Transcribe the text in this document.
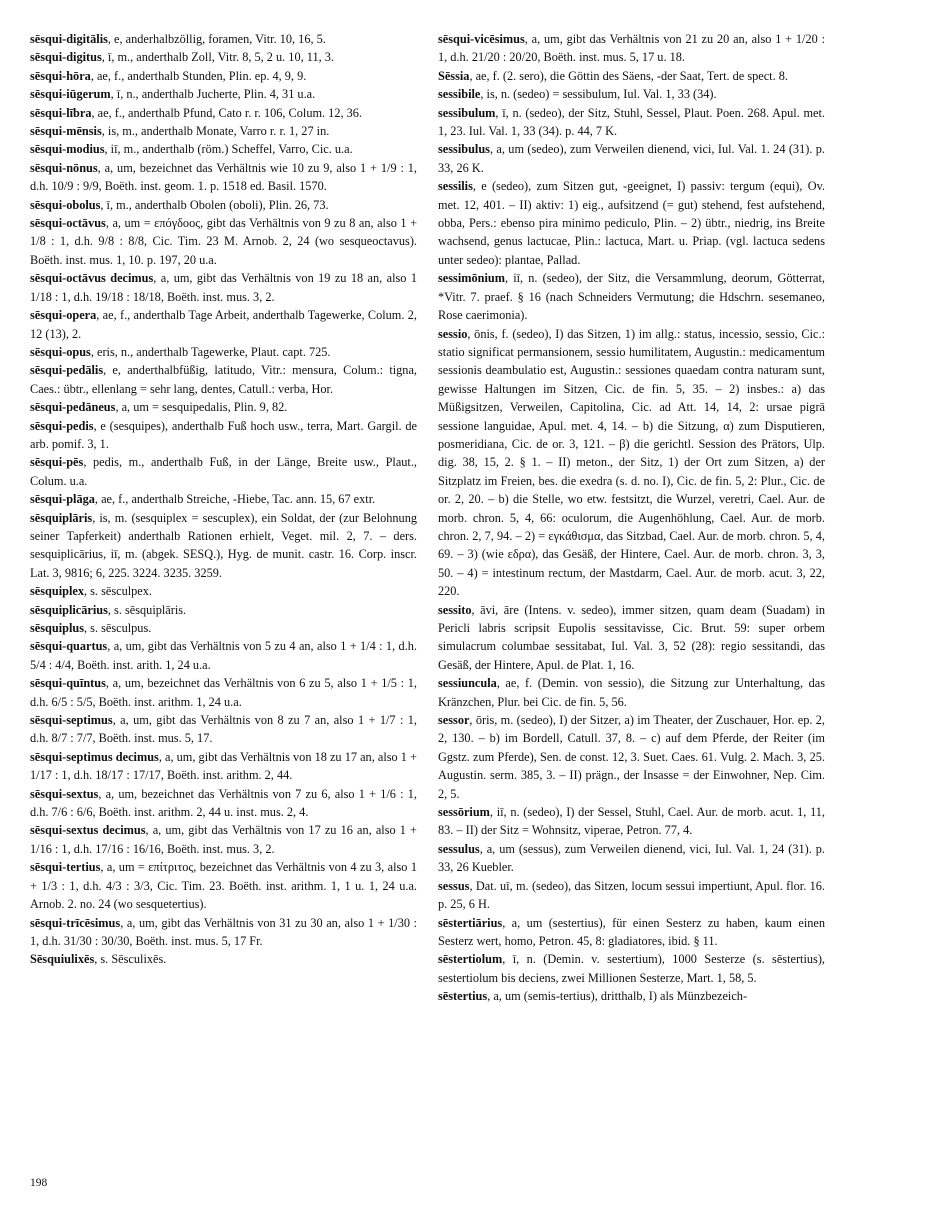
sēsqui-digitālis, e, anderhalbzöllig, foramen, Vitr. 10, 16, 5.

sēsqui-digitus, ī, m., anderthalb Zoll, Vitr. 8, 5, 2 u. 10, 11, 3.

sēsqui-hōra, ae, f., anderthalb Stunden, Plin. ep. 4, 9, 9.

sēsqui-iūgerum, ī, n., anderthalb Jucherte, Plin. 4, 31 u.a.

sēsqui-lībra, ae, f., anderthalb Pfund, Cato r. r. 106, Colum. 12, 36.

sēsqui-mēnsis, is, m., anderthalb Monate, Varro r. r. 1, 27 in.

sēsqui-modius, iī, m., anderthalb (röm.) Scheffel, Varro, Cic. u.a.

sēsqui-nōnus, a, um, bezeichnet das Verhältnis wie 10 zu 9, also 1 + 1/9 : 1, d.h. 10/9 : 9/9, Boëth. inst. geom. 1. p. 1518 ed. Basil. 1570.

sēsqui-obolus, ī, m., anderthalb Obolen (oboli), Plin. 26, 73.

sēsqui-octāvus, a, um = επόγδοος, gibt das Verhältnis von 9 zu 8 an, also 1 + 1/8 : 1, d.h. 9/8 : 8/8, Cic. Tim. 23 M. Arnob. 2, 24 (wo sesqueoctavus). Boëth. inst. mus. 1, 10. p. 197, 20 u.a.

sēsqui-octāvus decimus, a, um, gibt das Verhältnis von 19 zu 18 an, also 1 1/18 : 1, d.h. 19/18 : 18/18, Boëth. inst. mus. 3, 2.

sēsqui-opera, ae, f., anderthalb Tage Arbeit, anderthalb Tagewerke, Colum. 2, 12 (13), 2.

sēsqui-opus, eris, n., anderthalb Tagewerke, Plaut. capt. 725.

sēsqui-pedālis, e, anderthalbfüßig, latitudo, Vitr.: mensura, Colum.: tigna, Caes.: übtr., ellenlang = sehr lang, dentes, Catull.: verba, Hor.

sēsqui-pedāneus, a, um = sesquipedalis, Plin. 9, 82.

sēsqui-pedis, e (sesquipes), anderthalb Fuß hoch usw., terra, Mart. Gargil. de arb. pomif. 3, 1.

sēsqui-pēs, pedis, m., anderthalb Fuß, in der Länge, Breite usw., Plaut., Colum. u.a.

sēsqui-plāga, ae, f., anderthalb Streiche, -Hiebe, Tac. ann. 15, 67 extr.

sēsquiplāris, is, m. (sesquiplex = sescuplex), ein Soldat, der (zur Belohnung seiner Tapferkeit) anderthalb Rationen erhielt, Veget. mil. 2, 7. – ders. sesquiplicārius, iī, m. (abgek. SESQ.), Hyg. de munit. castr. 16. Corp. inscr. Lat. 3, 9816; 6, 225. 3224. 3235. 3259.

sēsquiplex, s. sēsculpex.

sēsquiplicārius, s. sēsquiplāris.

sēsquiplus, s. sēsculpus.

sēsqui-quartus, a, um, gibt das Verhältnis von 5 zu 4 an, also 1 + 1/4 : 1, d.h. 5/4 : 4/4, Boëth. inst. arith. 1, 24 u.a.

sēsqui-quīntus, a, um, bezeichnet das Verhältnis von 6 zu 5, also 1 + 1/5 : 1, d.h. 6/5 : 5/5, Boëth. inst. arithm. 1, 24 u.a.

sēsqui-septimus, a, um, gibt das Verhältnis von 8 zu 7 an, also 1 + 1/7 : 1, d.h. 8/7 : 7/7, Boëth. inst. mus. 5, 17.

sēsqui-septimus decimus, a, um, gibt das Verhältnis von 18 zu 17 an, also 1 + 1/17 : 1, d.h. 18/17 : 17/17, Boëth. inst. arithm. 2, 44.

sēsqui-sextus, a, um, bezeichnet das Verhältnis von 7 zu 6, also 1 + 1/6 : 1, d.h. 7/6 : 6/6, Boëth. inst. arithm. 2, 44 u. inst. mus. 2, 4.

sēsqui-sextus decimus, a, um, gibt das Verhältnis von 17 zu 16 an, also 1 + 1/16 : 1, d.h. 17/16 : 16/16, Boëth. inst. mus. 3, 2.

sēsqui-tertius, a, um = επίτριτος, bezeichnet das Verhältnis von 4 zu 3, also 1 + 1/3 : 1, d.h. 4/3 : 3/3, Cic. Tim. 23. Boëth. inst. arithm. 1, 1 u. 1, 24 u.a. Arnob. 2. no. 24 (wo sesquetertius).

sēsqui-trīcēsimus, a, um, gibt das Verhältnis von 31 zu 30 an, also 1 + 1/30 : 1, d.h. 31/30 : 30/30, Boëth. inst. mus. 5, 17 Fr.

Sēsquiulixēs, s. Sēsculixēs.

sēsqui-vicēsimus, a, um, gibt das Verhältnis von 21 zu 20 an, also 1 + 1/20 : 1, d.h. 21/20 : 20/20, Boëth. inst. mus. 5, 17 u. 18.

Sēssia, ae, f. (2. sero), die Göttin des Säens, -der Saat, Tert. de spect. 8.

sessibile, is, n. (sedeo) = sessibulum, Iul. Val. 1, 33 (34).

sessibulum, ī, n. (sedeo), der Sitz, Stuhl, Sessel, Plaut. Poen. 268. Apul. met. 1, 23. Iul. Val. 1, 33 (34). p. 44, 7 K.

sessibulus, a, um (sedeo), zum Verweilen dienend, vici, Iul. Val. 1. 24 (31). p. 33, 26 K.

sessilis, e (sedeo), zum Sitzen gut, -geeignet, I) passiv: tergum (equi), Ov. met. 12, 401. – II) aktiv: 1) eig., aufsitzend (= gut) stehend, fest aufstehend, obba, Pers.: ebenso pira minimo pediculo, Plin. – 2) übtr., niedrig, ins Breite wachsend, genus lactucae, Plin.: lactuca, Mart. u. Priap. (vgl. lactuca sedens unter sedeo): plantae, Pallad.

sessimōnium, iī, n. (sedeo), der Sitz, die Versammlung, deorum, Götterrat, *Vitr. 7. praef. § 16 (nach Schneiders Vermutung; die Hdschrn. sesemaneo, Rose caerimonia).

sessio, ōnis, f. (sedeo), I) das Sitzen, 1) im allg.: status, incessio, sessio, Cic.: statio significat permansionem, sessio humilitatem, Augustin.: medicamentum sessionis deambulatio est, Augustin.: sessiones quaedam contra naturam sunt, gewisse Haltungen im Sitzen, Cic. de fin. 5, 35. – 2) insbes.: a) das Müßigsitzen, Verweilen, Capitolina, Cic. ad Att. 14, 14, 2: ursae pigrā sessione languidae, Apul. met. 4, 14. – b) die Sitzung, α) zum Disputieren, posmeridiana, Cic. de or. 3, 121. – β) die gerichtl. Session des Prätors, Ulp. dig. 38, 15, 2. § 1. – II) meton., der Sitz, 1) der Ort zum Sitzen, a) der Sitzplatz im Freien, bes. die exedra (s. d. no. I), Cic. de fin. 5, 2: Plur., Cic. de or. 2, 20. – b) die Stelle, wo etw. festsitzt, die Wurzel, veretri, Cael. Aur. de morb. chron. 5, 4, 66: oculorum, die Augenhöhlung, Cael. Aur. de morb. chron. 2, 7, 94. – 2) = εγκάθισμα, das Sitzbad, Cael. Aur. de morb. chron. 5, 4, 69. – 3) (wie εδρα), das Gesäß, der Hintere, Cael. Aur. de morb. chron. 3, 3, 50. – 4) = intestinum rectum, der Mastdarm, Cael. Aur. de morb. acut. 3, 22, 220.

sessito, āvi, āre (Intens. v. sedeo), immer sitzen, quam deam (Suadam) in Pericli labris scripsit Eupolis sessitavisse, Cic. Brut. 59: super orbem simulacrum columbae sessitabat, Iul. Val. 3, 52 (28): regio sessitandi, das Gesäß, der Hintere, Apul. de Plat. 1, 16.

sessiuncula, ae, f. (Demin. von sessio), die Sitzung zur Unterhaltung, das Kränzchen, Plur. bei Cic. de fin. 5, 56.

sessor, ōris, m. (sedeo), I) der Sitzer, a) im Theater, der Zuschauer, Hor. ep. 2, 2, 130. – b) im Bordell, Catull. 37, 8. – c) auf dem Pferde, der Reiter (im Ggstz. zum Pferde), Sen. de const. 12, 3. Suet. Caes. 61. Vulg. 2. Mach. 3, 25. Augustin. serm. 385, 3. – II) prägn., der Insasse = der Einwohner, Nep. Cim. 2, 5.

sessōrium, iī, n. (sedeo), I) der Sessel, Stuhl, Cael. Aur. de morb. acut. 1, 11, 83. – II) der Sitz = Wohnsitz, viperae, Petron. 77, 4.

sessulus, a, um (sessus), zum Verweilen dienend, vici, Iul. Val. 1, 24 (31). p. 33, 26 Kuebler.

sessus, Dat. uī, m. (sedeo), das Sitzen, locum sessui impertiunt, Apul. flor. 16. p. 25, 6 H.

sēstertiārius, a, um (sestertius), für einen Sesterz zu haben, kaum einen Sesterz wert, homo, Petron. 45, 8: gladiatores, ibid. § 11.

sēstertiolum, ī, n. (Demin. v. sestertium), 1000 Sesterze (s. sēstertius), sestertiolum bis deciens, zwei Millionen Sesterze, Mart. 1, 58, 5.

sēstertius, a, um (semis-tertius), dritthalb, I) als Münzbezeich-

198
